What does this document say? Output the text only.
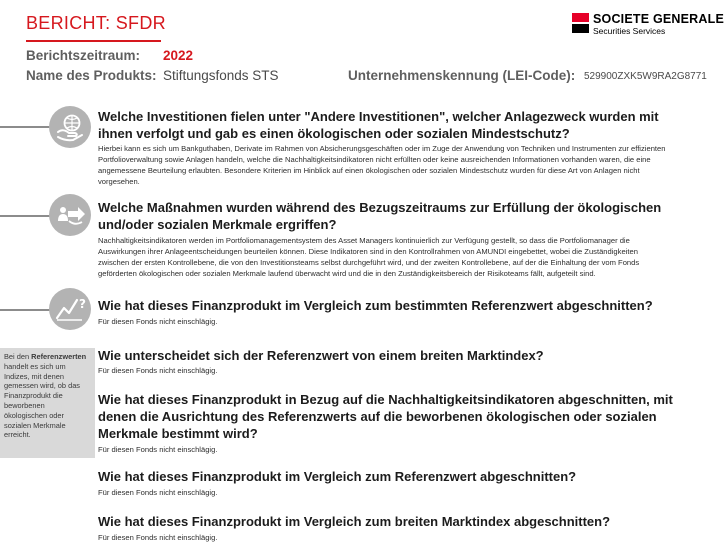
BERICHT: SFDR	SOCIETE GENERALE
Securities Services
Berichtszeitraum: 2022
Name des Produkts: Stiftungsfonds STS	Unternehmenskennung (LEI-Code): 529900ZXK5W9RA2G8771
Welche Investitionen fielen unter "Andere Investitionen", welcher Anlagezweck wurden mit
ihnen verfolgt und gab es einen ökologischen oder sozialen Mindestschutz?
Hierbei kann es sich um Bankguthaben, Derivate im Rahmen von Absicherungsgeschäften oder im Zuge der Anwendung von Techniken und Instrumenten zur effizienten
Portfolioverwaltung sowie Anlagen handeln, welche die Nachhaltigkeitsindikatoren nicht erfüllten oder keine ausreichenden Informationen vorhanden waren, die eine
angemessene Beurteilung erlaubten. Besondere Kriterien im Hinblick auf einen ökologischen oder sozialen Mindestschutz wurden für diese Art von Anlagen nicht
vorgesehen.
Welche Maßnahmen wurden während des Bezugszeitraums zur Erfüllung der ökologischen
und/oder sozialen Merkmale ergriffen?
Nachhaltigkeitsindikatoren werden im Portfoliomanagementsystem des Asset Managers kontinuierlich zur Verfügung gestellt, so dass die Portfoliomanager die
Auswirkungen ihrer Anlageentscheidungen beurteilen können. Diese Indikatoren sind in den Kontrollrahmen von AMUNDI eingebettet, wobei die Zuständigkeiten
zwischen der ersten Kontrollebene, die von den Investitionsteams selbst durchgeführt wird, und der zweiten Kontrollebene, auf der die Einhaltung der vom Fonds
geförderten ökologischen oder sozialen Merkmale laufend überwacht wird und die in den Zuständigkeitsbereich der Risikoteams fällt, aufgeteilt sind.
? Wie hat dieses Finanzprodukt im Vergleich zum bestimmten Referenzwert abgeschnitten?
Für diesen Fonds nicht einschlägig.
Bei den Referenzwerten
handelt es sich um
Indizes, mit denen
gemessen wird, ob das
Finanzprodukt die
beworbenen
ökologischen oder
sozialen Merkmale
erreicht.
Wie unterscheidet sich der Referenzwert von einem breiten Marktindex?
Für diesen Fonds nicht einschlägig.
Wie hat dieses Finanzprodukt in Bezug auf die Nachhaltigkeitsindikatoren abgeschnitten, mit
denen die Ausrichtung des Referenzwerts auf die beworbenen ökologischen oder sozialen
Merkmale bestimmt wird?
Für diesen Fonds nicht einschlägig.
Wie hat dieses Finanzprodukt im Vergleich zum Referenzwert abgeschnitten?
Für diesen Fonds nicht einschlägig.
Wie hat dieses Finanzprodukt im Vergleich zum breiten Marktindex abgeschnitten?
Für diesen Fonds nicht einschlägig.
